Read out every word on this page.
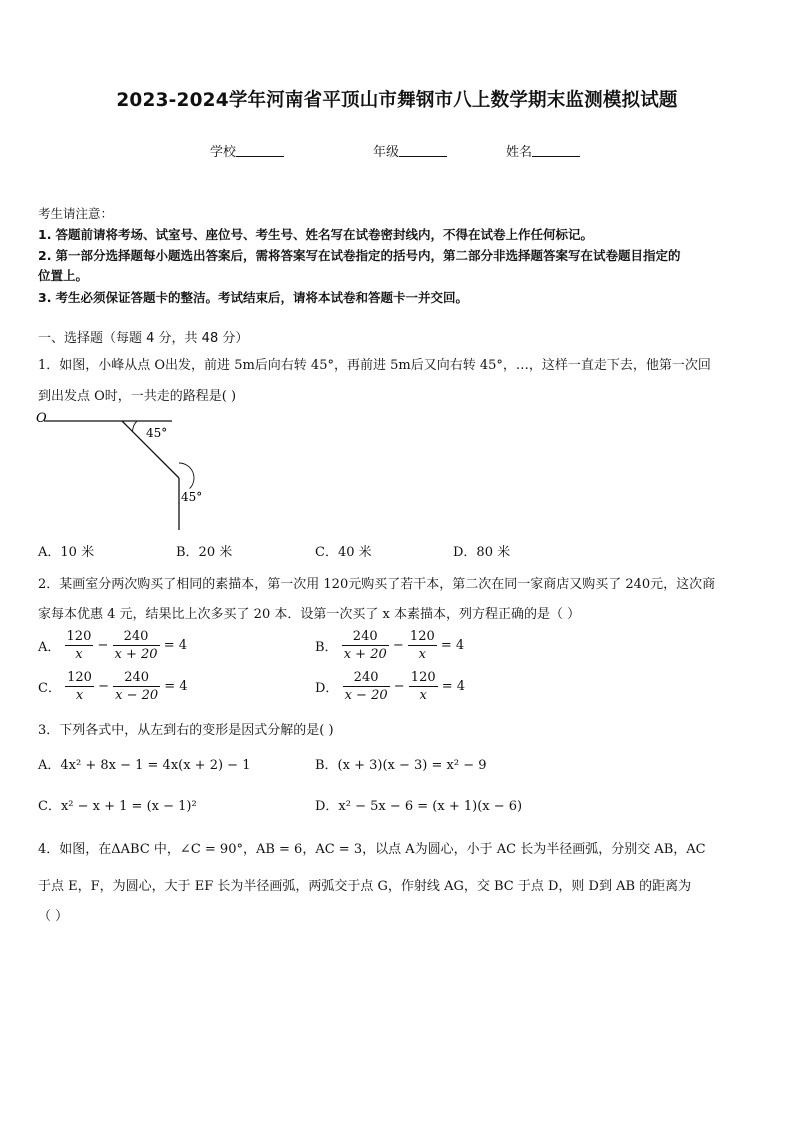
2023-2024学年河南省平顶山市舞钢市八上数学期末监测模拟试题
学校	年级	姓名
考生请注意：
1. 答题前请将考场、试室号、座位号、考生号、姓名写在试卷密封线内，不得在试卷上作任何标记。
2. 第一部分选择题每小题选出答案后，需将答案写在试卷指定的括号内，第二部分非选择题答案写在试卷题目指定的
位置上。
3. 考生必须保证答题卡的整洁。考试结束后，请将本试卷和答题卡一并交回。
一、选择题（每题 4 分，共 48 分）
1．如图，小峰从点 O出发，前进 5m后向右转 45°，再前进 5m后又向右转 45°，…，这样一直走下去，他第一次回
到出发点 O时，一共走的路程是( )
O
45°
45°
A．10 米	B．20 米	C．40 米	D．80 米
2．某画室分两次购买了相同的素描本，第一次用 120元购买了若干本，第二次在同一家商店又购买了 240元，这次商
家每本优惠 4 元，结果比上次多买了 20 本．设第一次买了 x 本素描本，列方程正确的是（ ）
A． $\frac{120}{x} - \frac{240}{x + 20} = 4$	B． $\frac{240}{x + 20} - \frac{120}{x} = 4$
C． $\frac{120}{x} - \frac{240}{x - 20} = 4$	D． $\frac{240}{x - 20} - \frac{120}{x} = 4$
3．下列各式中，从左到右的变形是因式分解的是( )
A．4x² + 8x − 1 = 4x(x + 2) − 1	B．(x + 3)(x − 3) = x² − 9
C．x² − x + 1 = (x − 1)²	D．x² − 5x − 6 = (x + 1)(x − 6)
4．如图，在ΔABC 中，∠C = 90°，AB = 6，AC = 3，以点 A为圆心，小于 AC 长为半径画弧，分别交 AB，AC
于点 E，F，为圆心，大于 EF 长为半径画弧，两弧交于点 G，作射线 AG，交 BC 于点 D，则 D到 AB 的距离为
（ ）
